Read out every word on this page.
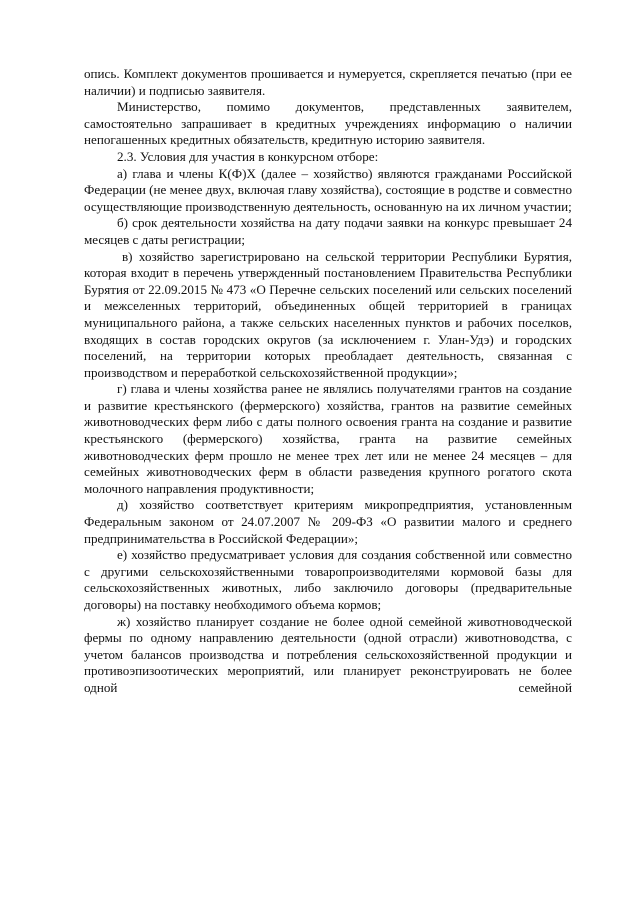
опись. Комплект документов прошивается и нумеруется, скрепляется печатью (при ее наличии) и подписью заявителя.

Министерство, помимо документов, представленных заявителем, самостоятельно запрашивает в кредитных учреждениях информацию о наличии непогашенных кредитных обязательств, кредитную историю заявителя.

2.3. Условия для участия в конкурсном отборе:

а) глава и члены К(Ф)Х (далее – хозяйство) являются гражданами Российской Федерации (не менее двух, включая главу хозяйства), состоящие в родстве и совместно осуществляющие производственную деятельность, основанную на их личном участии;

б) срок деятельности хозяйства на дату подачи заявки на конкурс превышает 24 месяцев с даты регистрации;

в) хозяйство зарегистрировано на сельской территории Республики Бурятия, которая входит в перечень утвержденный постановлением Правительства Республики Бурятия от 22.09.2015 № 473 «О Перечне сельских поселений или сельских поселений и межселенных территорий, объединенных общей территорией в границах муниципального района, а также сельских населенных пунктов и рабочих поселков, входящих в состав городских округов (за исключением г. Улан-Удэ) и городских поселений, на территории которых преобладает деятельность, связанная с производством и переработкой сельскохозяйственной продукции»;

г) глава и члены хозяйства ранее не являлись получателями грантов на создание и развитие крестьянского (фермерского) хозяйства, грантов на развитие семейных животноводческих ферм либо с даты полного освоения гранта на создание и развитие крестьянского (фермерского) хозяйства, гранта на развитие семейных животноводческих ферм прошло не менее трех лет или не менее 24 месяцев – для семейных животноводческих ферм в области разведения крупного рогатого скота молочного направления продуктивности;

д) хозяйство соответствует критериям микропредприятия, установленным Федеральным законом от 24.07.2007 № 209-ФЗ «О развитии малого и среднего предпринимательства в Российской Федерации»;

е) хозяйство предусматривает условия для создания собственной или совместно с другими сельскохозяйственными товаропроизводителями кормовой базы для сельскохозяйственных животных, либо заключило договоры (предварительные договоры) на поставку необходимого объема кормов;

ж) хозяйство планирует создание не более одной семейной животноводческой фермы по одному направлению деятельности (одной отрасли) животноводства, с учетом балансов производства и потребления сельскохозяйственной продукции и противоэпизоотических мероприятий, или планирует реконструировать не более одной семейной
